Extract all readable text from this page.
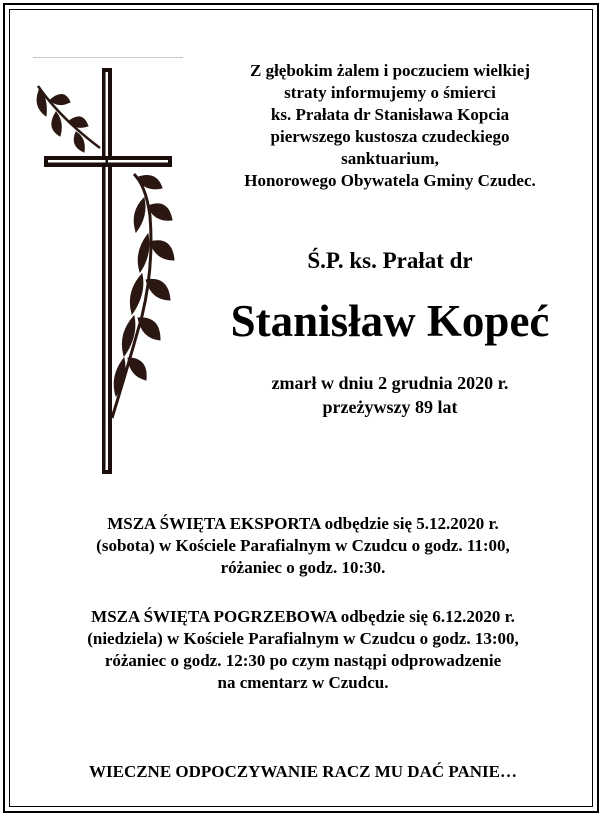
Z głębokim żalem i poczuciem wielkiej
straty informujemy o śmierci
ks. Prałata dr Stanisława Kopcia
pierwszego kustosza czudeckiego
sanktuarium,
Honorowego Obywatela Gminy Czudec.
Ś.P. ks. Prałat dr
Stanisław Kopeć
zmarł w dniu 2 grudnia 2020 r.
przeżywszy 89 lat
MSZA ŚWIĘTA EKSPORTA odbędzie się 5.12.2020 r.
(sobota) w Kościele Parafialnym w Czudcu o godz. 11:00,
różaniec o godz. 10:30.
MSZA ŚWIĘTA POGRZEBOWA odbędzie się 6.12.2020 r.
(niedziela) w Kościele Parafialnym w Czudcu o godz. 13:00,
różaniec o godz. 12:30 po czym nastąpi odprowadzenie
na cmentarz w Czudcu.
WIECZNE ODPOCZYWANIE RACZ MU DAĆ PANIE…
